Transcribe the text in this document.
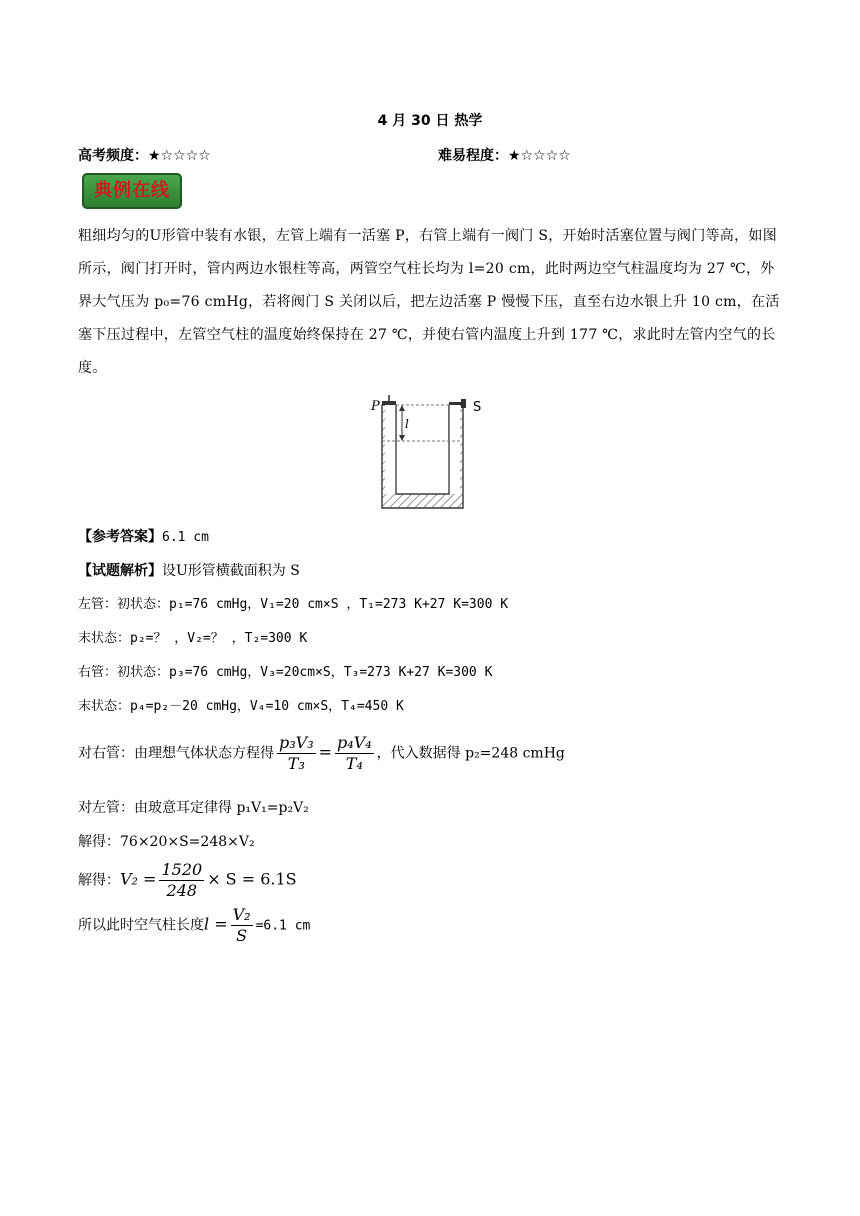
4 月 30 日 热学
高考频度：★☆☆☆☆	难易程度：★☆☆☆☆
典例在线
粗细均匀的U形管中装有水银，左管上端有一活塞 P，右管上端有一阀门 S，开始时活塞位置与阀门等高，如图所示，阀门打开时，管内两边水银柱等高，两管空气柱长均为 l=20 cm，此时两边空气柱温度均为 27 ℃，外界大气压为 p₀=76 cmHg，若将阀门 S 关闭以后，把左边活塞 P 慢慢下压，直至右边水银上升 10 cm，在活塞下压过程中，左管空气柱的温度始终保持在 27 ℃，并使右管内温度上升到 177 ℃，求此时左管内空气的长度。
P	S
l
【参考答案】6.1 cm
【试题解析】设U形管横截面积为 S
左管：初状态：p₁=76 cmHg，V₁=20 cm×S ，T₁=273 K+27 K=300 K
末状态：p₂=？ ，V₂=？ ，T₂=300 K
右管：初状态：p₃=76 cmHg，V₃=20cm×S，T₃=273 K+27 K=300 K
末状态：p₄=p₂－20 cmHg，V₄=10 cm×S，T₄=450 K
对右管：由理想气体状态方程得 $\frac{\text{p₃V₃}}{\text{T₃}} = \frac{\text{p₄V₄}}{\text{T₄}}$ ，代入数据得 p₂=248 cmHg
对左管：由玻意耳定律得 p₁V₁=p₂V₂
解得：76×20×S=248×V₂
解得：$V_2 = \frac{1520}{248} \times S = 6.1S$
所以此时空气柱长度$l = \frac{\text{V₂}}{S} =6.1$ cm
